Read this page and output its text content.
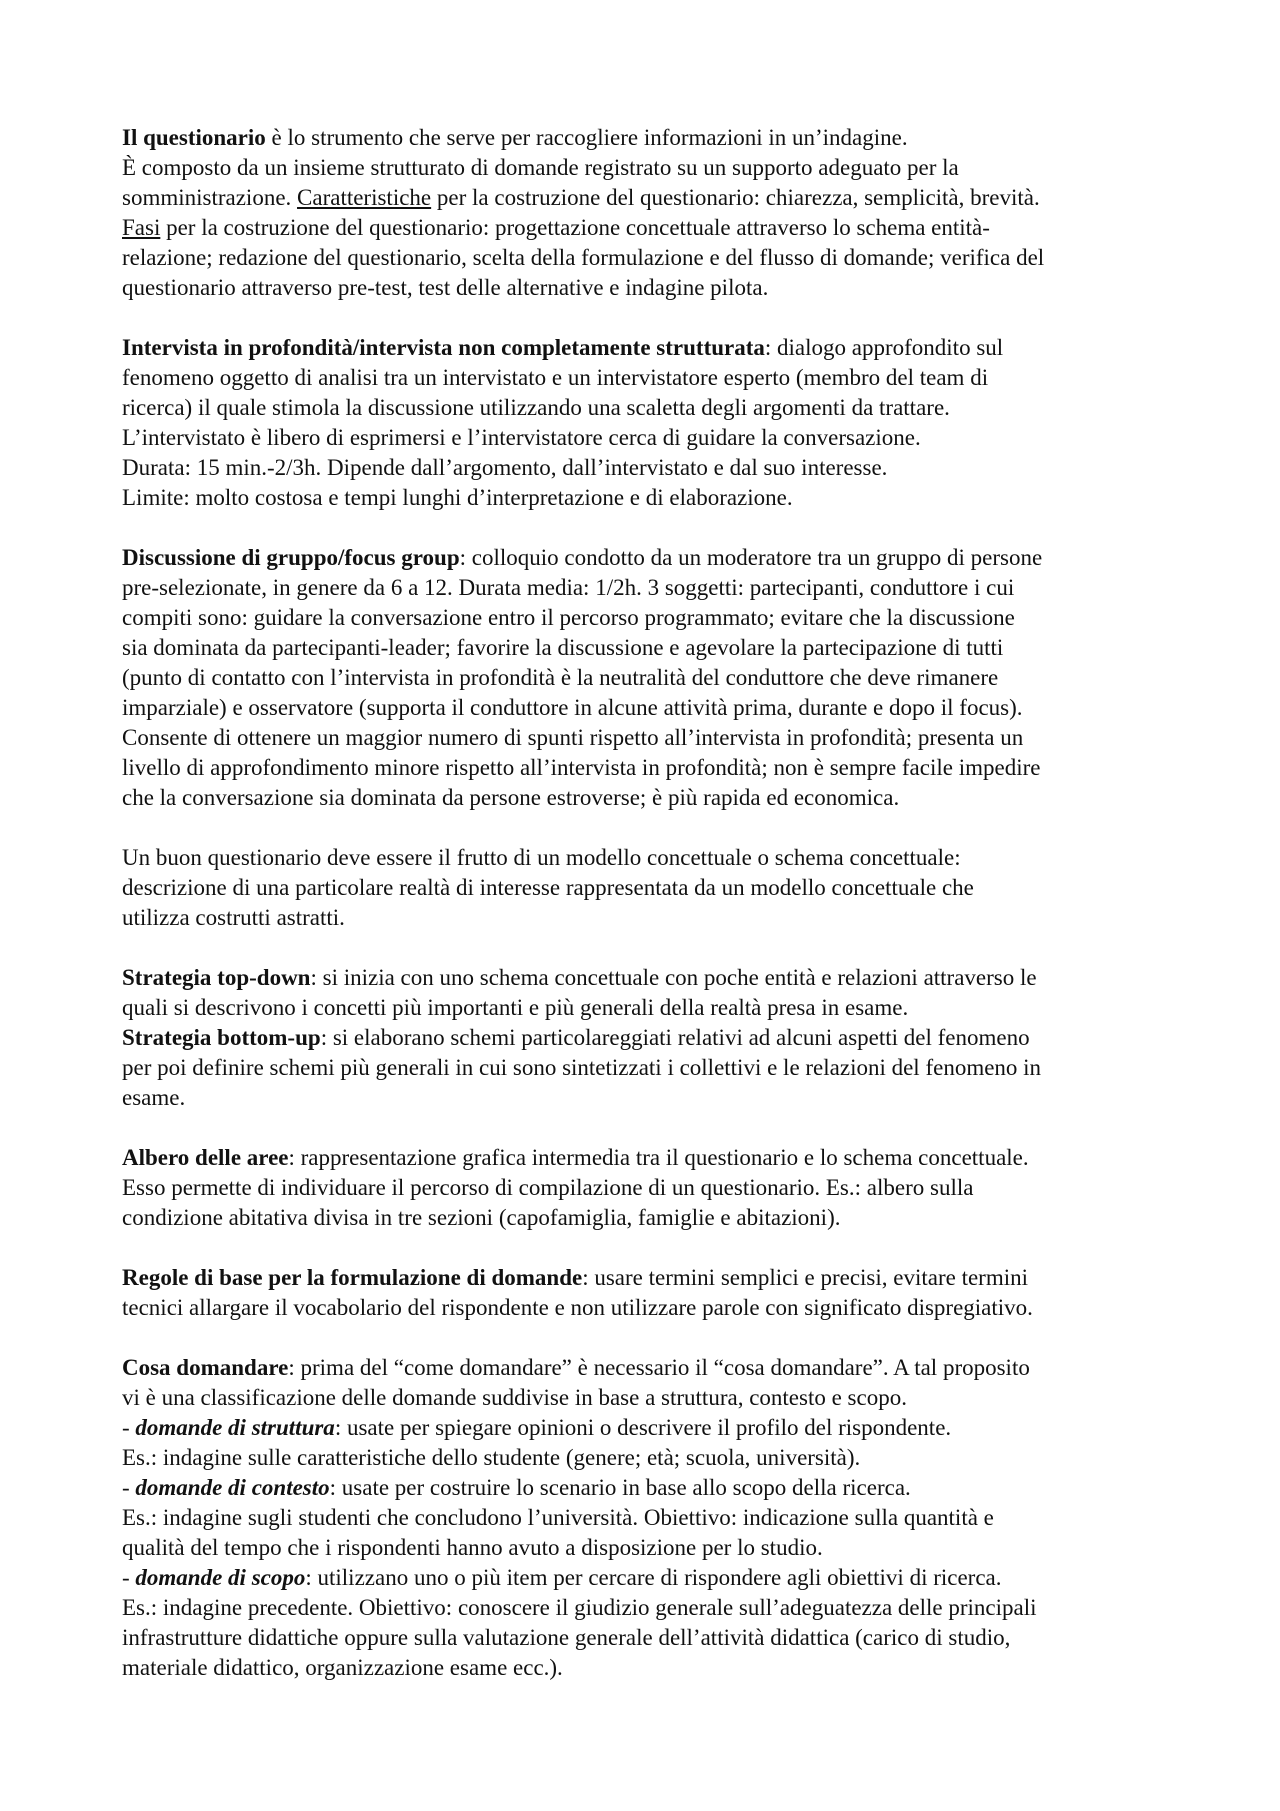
Il questionario è lo strumento che serve per raccogliere informazioni in un’indagine.
È composto da un insieme strutturato di domande registrato su un supporto adeguato per la
somministrazione. Caratteristiche per la costruzione del questionario: chiarezza, semplicità, brevità.
Fasi per la costruzione del questionario: progettazione concettuale attraverso lo schema entità-
relazione; redazione del questionario, scelta della formulazione e del flusso di domande; verifica del
questionario attraverso pre-test, test delle alternative e indagine pilota.
Intervista in profondità/intervista non completamente strutturata: dialogo approfondito sul
fenomeno oggetto di analisi tra un intervistato e un intervistatore esperto (membro del team di
ricerca) il quale stimola la discussione utilizzando una scaletta degli argomenti da trattare.
L’intervistato è libero di esprimersi e l’intervistatore cerca di guidare la conversazione.
Durata: 15 min.-2/3h. Dipende dall’argomento, dall’intervistato e dal suo interesse.
Limite: molto costosa e tempi lunghi d’interpretazione e di elaborazione.
Discussione di gruppo/focus group: colloquio condotto da un moderatore tra un gruppo di persone
pre-selezionate, in genere da 6 a 12. Durata media: 1/2h. 3 soggetti: partecipanti, conduttore i cui
compiti sono: guidare la conversazione entro il percorso programmato; evitare che la discussione
sia dominata da partecipanti-leader; favorire la discussione e agevolare la partecipazione di tutti
(punto di contatto con l’intervista in profondità è la neutralità del conduttore che deve rimanere
imparziale) e osservatore (supporta il conduttore in alcune attività prima, durante e dopo il focus).
Consente di ottenere un maggior numero di spunti rispetto all’intervista in profondità; presenta un
livello di approfondimento minore rispetto all’intervista in profondità; non è sempre facile impedire
che la conversazione sia dominata da persone estroverse; è più rapida ed economica.
Un buon questionario deve essere il frutto di un modello concettuale o schema concettuale:
descrizione di una particolare realtà di interesse rappresentata da un modello concettuale che
utilizza costrutti astratti.
Strategia top-down: si inizia con uno schema concettuale con poche entità e relazioni attraverso le
quali si descrivono i concetti più importanti e più generali della realtà presa in esame.
Strategia bottom-up: si elaborano schemi particolareggiati relativi ad alcuni aspetti del fenomeno
per poi definire schemi più generali in cui sono sintetizzati i collettivi e le relazioni del fenomeno in
esame.
Albero delle aree: rappresentazione grafica intermedia tra il questionario e lo schema concettuale.
Esso permette di individuare il percorso di compilazione di un questionario. Es.: albero sulla
condizione abitativa divisa in tre sezioni (capofamiglia, famiglie e abitazioni).
Regole di base per la formulazione di domande: usare termini semplici e precisi, evitare termini
tecnici allargare il vocabolario del rispondente e non utilizzare parole con significato dispregiativo.
Cosa domandare: prima del “come domandare” è necessario il “cosa domandare”. A tal proposito
vi è una classificazione delle domande suddivise in base a struttura, contesto e scopo.
- domande di struttura: usate per spiegare opinioni o descrivere il profilo del rispondente.
Es.: indagine sulle caratteristiche dello studente (genere; età; scuola, università).
- domande di contesto: usate per costruire lo scenario in base allo scopo della ricerca.
Es.: indagine sugli studenti che concludono l’università. Obiettivo: indicazione sulla quantità e
qualità del tempo che i rispondenti hanno avuto a disposizione per lo studio.
- domande di scopo: utilizzano uno o più item per cercare di rispondere agli obiettivi di ricerca.
Es.: indagine precedente. Obiettivo: conoscere il giudizio generale sull’adeguatezza delle principali
infrastrutture didattiche oppure sulla valutazione generale dell’attività didattica (carico di studio,
materiale didattico, organizzazione esame ecc.).
